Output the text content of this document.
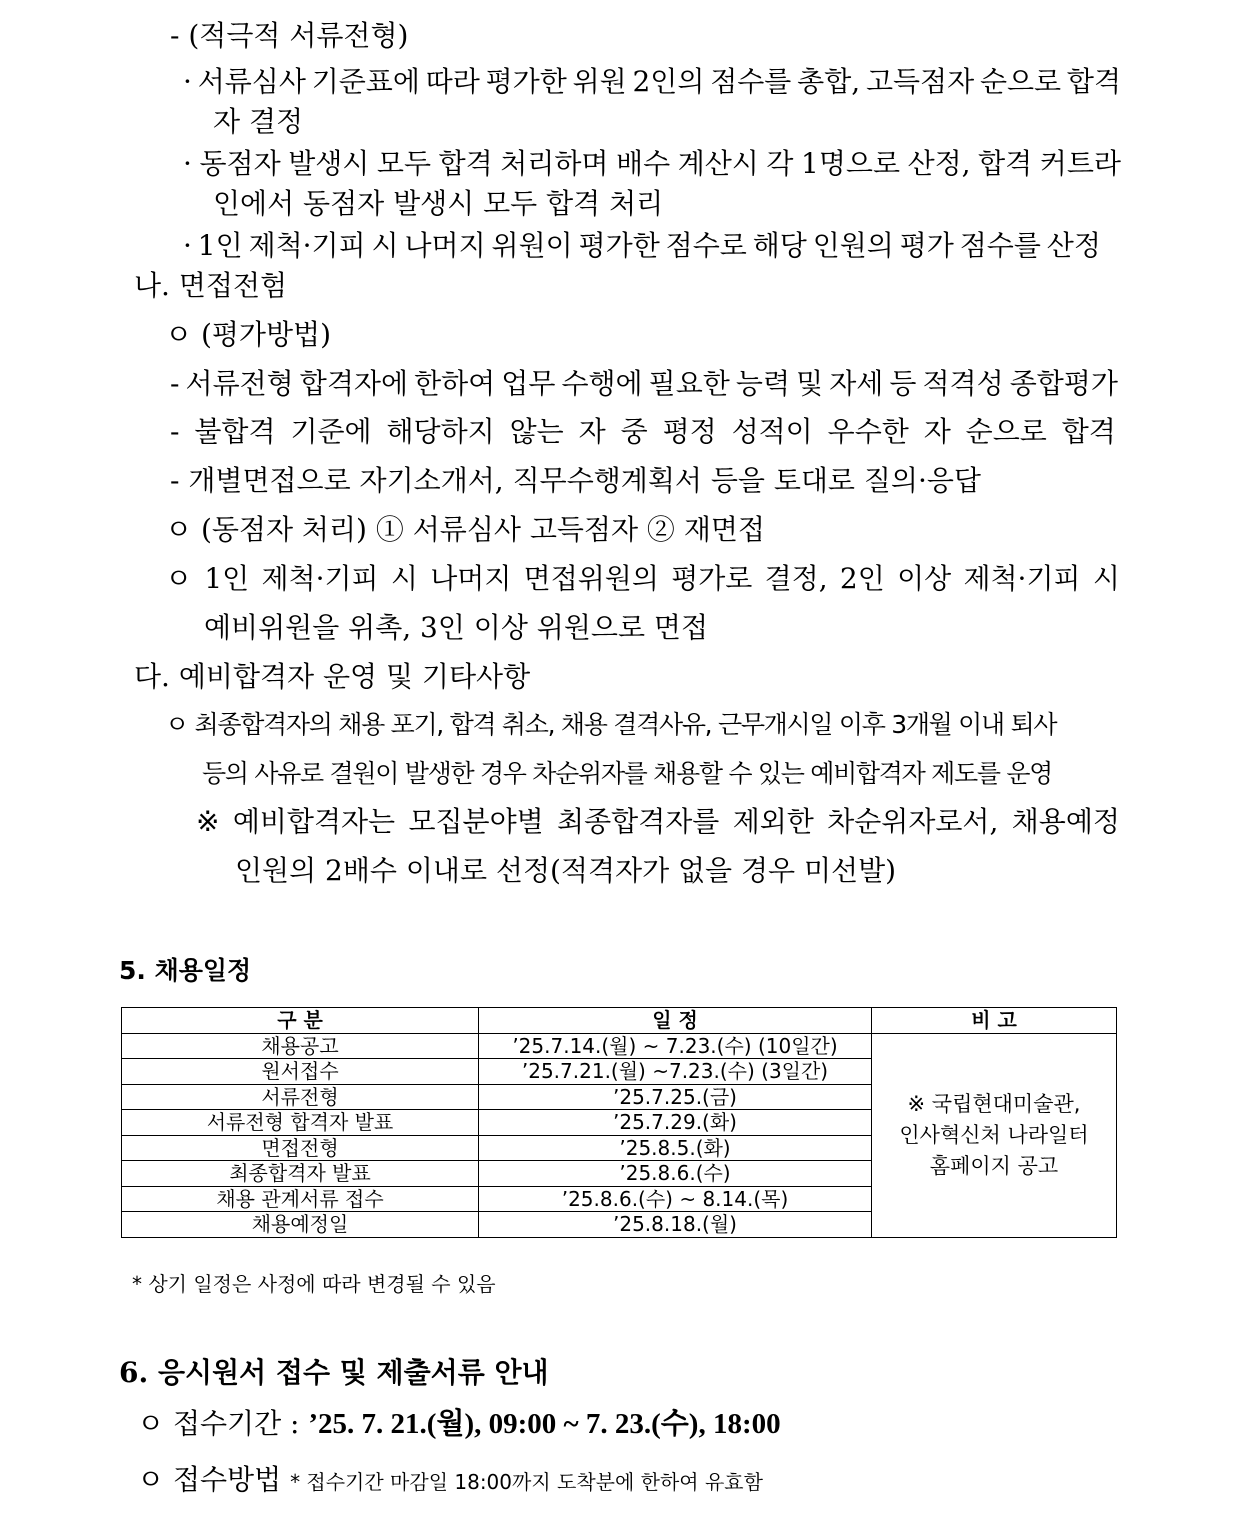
- (적극적 서류전형)
· 서류심사 기준표에 따라 평가한 위원 2인의 점수를 총합, 고득점자 순으로 합격
자 결정
· 동점자 발생시 모두 합격 처리하며 배수 계산시 각 1명으로 산정, 합격 커트라
인에서 동점자 발생시 모두 합격 처리
· 1인 제척·기피 시 나머지 위원이 평가한 점수로 해당 인원의 평가 점수를 산정
나. 면접전험
ㅇ (평가방법)
- 서류전형 합격자에 한하여 업무 수행에 필요한 능력 및 자세 등 적격성 종합평가
- 불합격 기준에 해당하지 않는 자 중 평정 성적이 우수한 자 순으로 합격
- 개별면접으로 자기소개서, 직무수행계획서 등을 토대로 질의·응답
ㅇ (동점자 처리) ① 서류심사 고득점자 ② 재면접
ㅇ 1인 제척·기피 시 나머지 면접위원의 평가로 결정, 2인 이상 제척·기피 시
예비위원을 위촉, 3인 이상 위원으로 면접
다. 예비합격자 운영 및 기타사항
ㅇ 최종합격자의 채용 포기, 합격 취소, 채용 결격사유, 근무개시일 이후 3개월 이내 퇴사
등의 사유로 결원이 발생한 경우 차순위자를 채용할 수 있는 예비합격자 제도를 운영
※ 예비합격자는 모집분야별 최종합격자를 제외한 차순위자로서, 채용예정
인원의 2배수 이내로 선정(적격자가 없을 경우 미선발)
5. 채용일정
구 분	일 정	비 고
채용공고	’25.7.14.(월) ~ 7.23.(수) (10일간)	※ 국립현대미술관,
인사혁신처 나라일터
홈페이지 공고

원서접수	’25.7.21.(월) ~7.23.(수) (3일간)	
서류전형	’25.7.25.(금)	
서류전형 합격자 발표	’25.7.29.(화)	
면접전형	’25.8.5.(화)	
최종합격자 발표	’25.8.6.(수)	
채용 관계서류 접수	’25.8.6.(수) ~ 8.14.(목)	
채용예정일	’25.8.18.(월)	
* 상기 일정은 사정에 따라 변경될 수 있음
6. 응시원서 접수 및 제출서류 안내
ㅇ 접수기간 : ’25. 7. 21.(월), 09:00 ~ 7. 23.(수), 18:00
ㅇ 접수방법 * 접수기간 마감일 18:00까지 도착분에 한하여 유효함
